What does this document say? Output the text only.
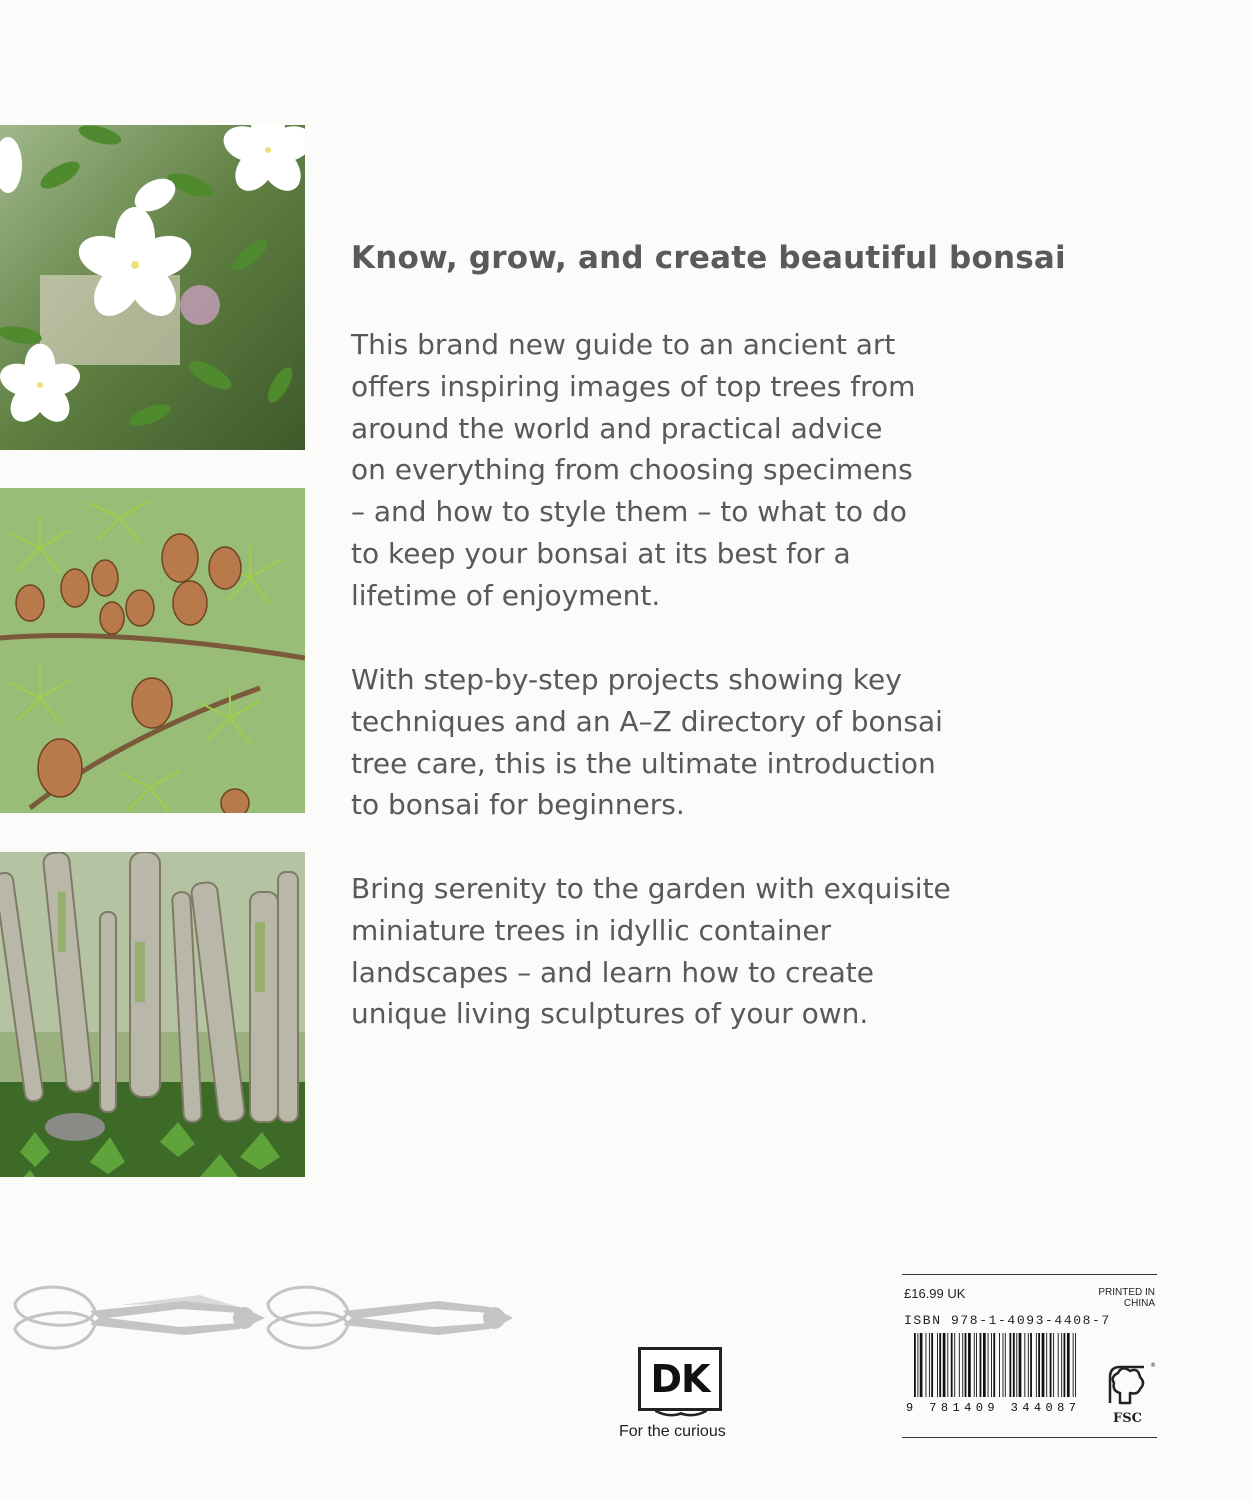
Know, grow, and create beautiful bonsai

This brand new guide to an ancient art
offers inspiring images of top trees from
around the world and practical advice
on everything from choosing specimens
– and how to style them – to what to do
to keep your bonsai at its best for a
lifetime of enjoyment.

With step-by-step projects showing key
techniques and an A–Z directory of bonsai
tree care, this is the ultimate introduction
to bonsai for beginners.

Bring serenity to the garden with exquisite
miniature trees in idyllic container
landscapes – and learn how to create
unique living sculptures of your own.

DK
For the curious
£16.99 UK	PRINTED IN CHINA
ISBN 978-1-4093-4408-7
9 781409 344087
®
FSC
